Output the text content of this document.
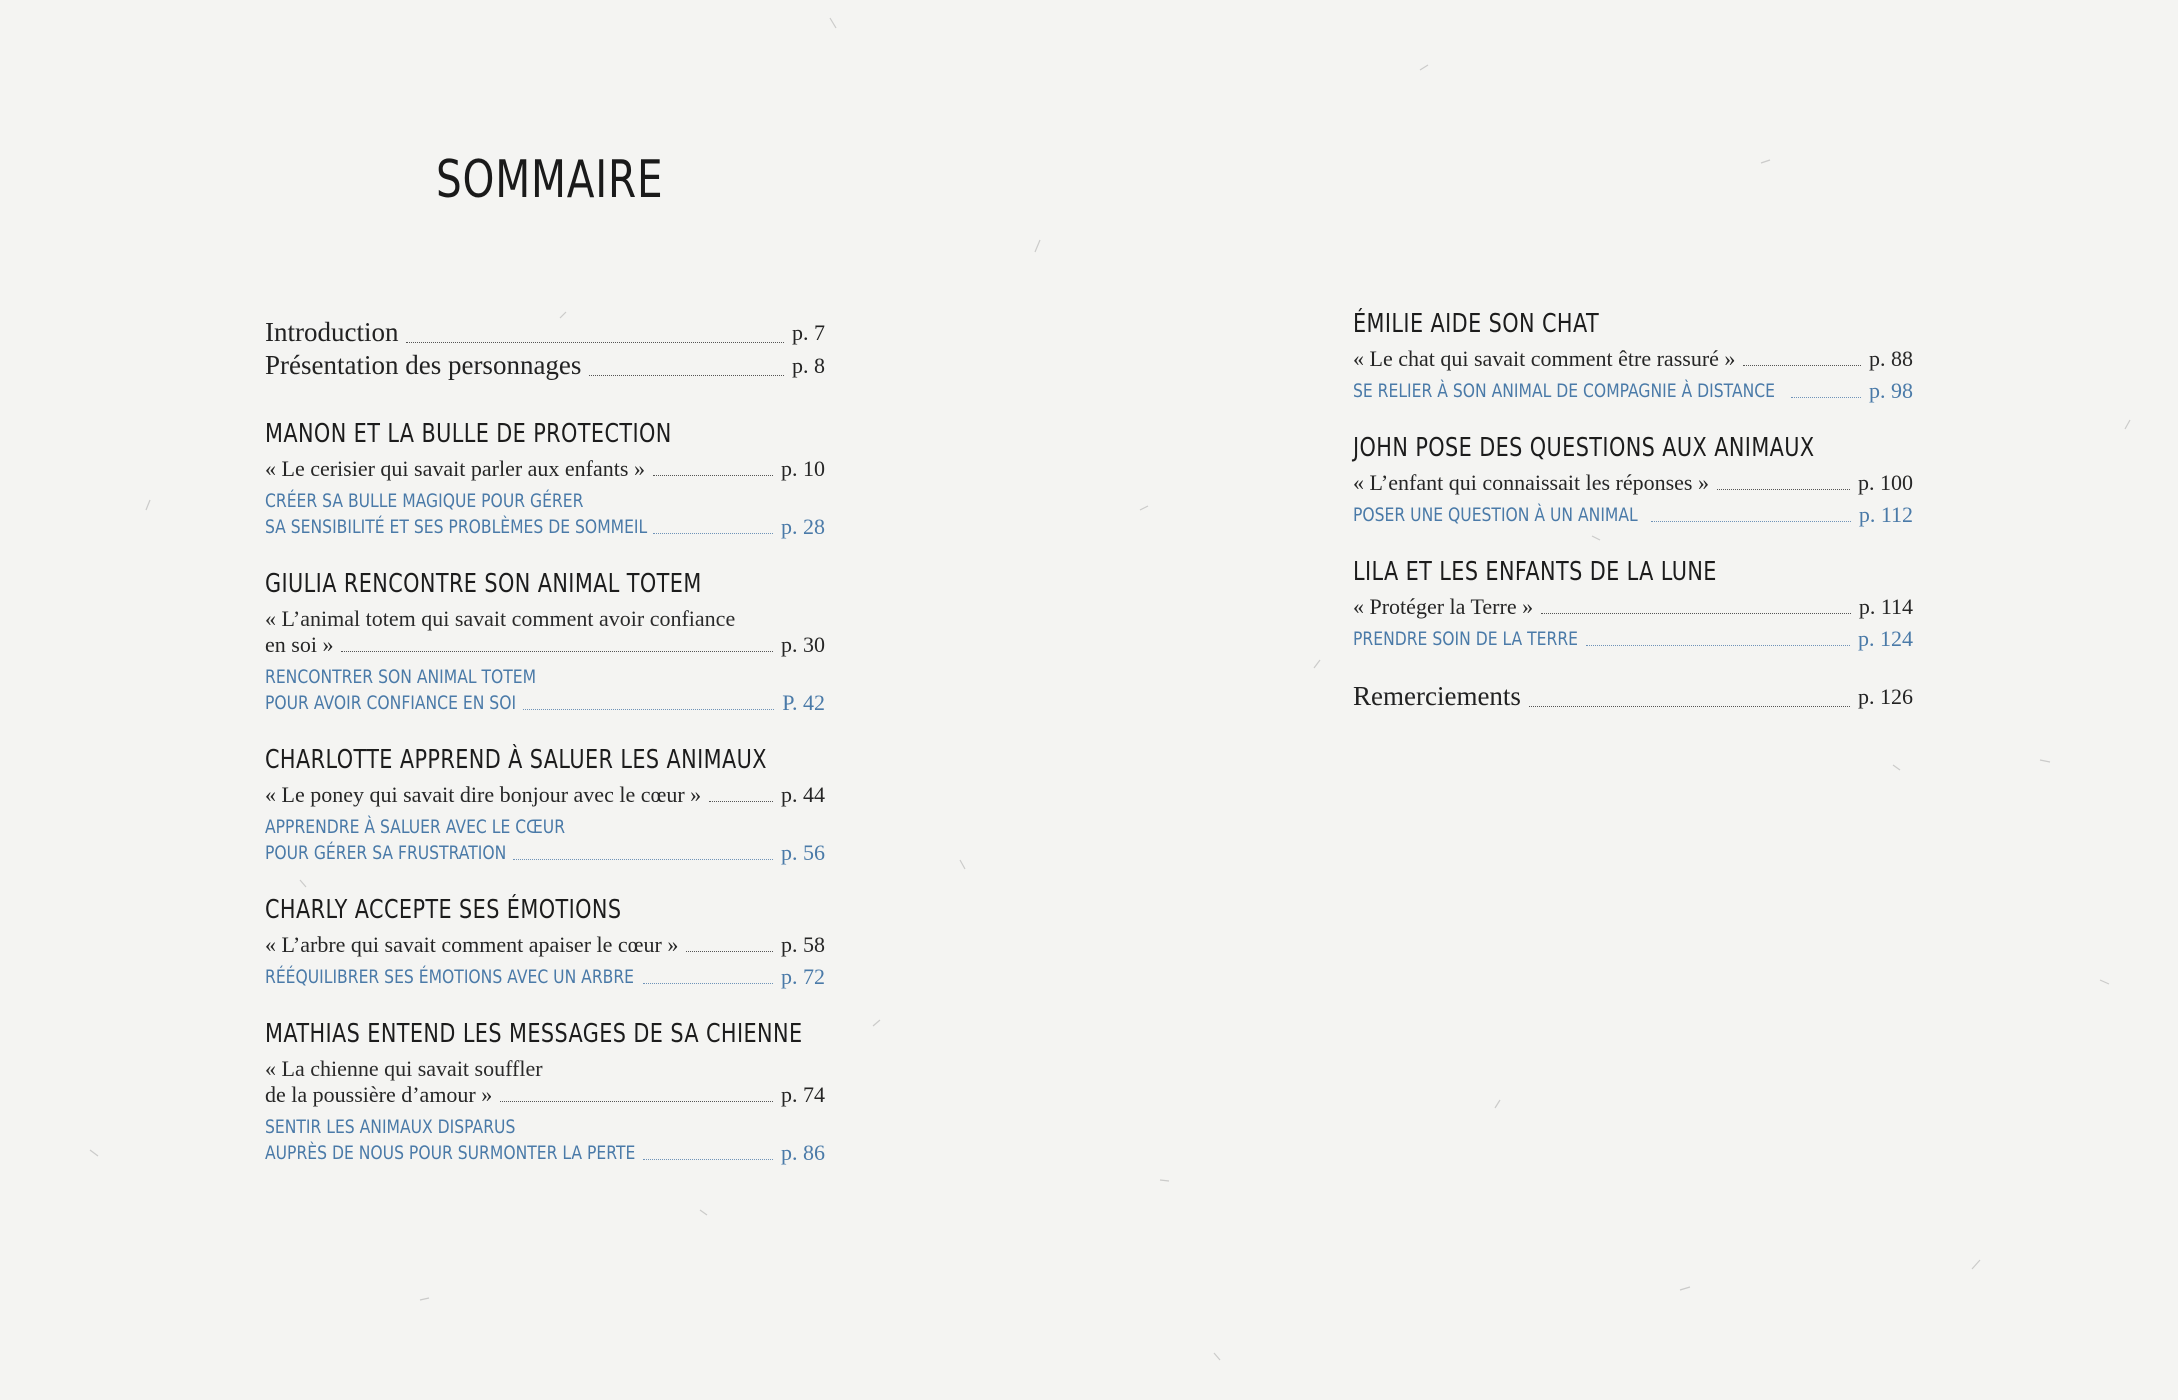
SOMMAIRE
Introduction	p. 7
Présentation des personnages	p. 8
MANON ET LA BULLE DE PROTECTION
« Le cerisier qui savait parler aux enfants »	p. 10
CRÉER SA BULLE MAGIQUE POUR GÉRER
SA SENSIBILITÉ ET SES PROBLÈMES DE SOMMEIL	p. 28
GIULIA RENCONTRE SON ANIMAL TOTEM
« L’animal totem qui savait comment avoir confiance
en soi »	p. 30
RENCONTRER SON ANIMAL TOTEM
POUR AVOIR CONFIANCE EN SOI	P. 42
CHARLOTTE APPREND À SALUER LES ANIMAUX
« Le poney qui savait dire bonjour avec le cœur »	p. 44
APPRENDRE À SALUER AVEC LE CŒUR
POUR GÉRER SA FRUSTRATION	p. 56
CHARLY ACCEPTE SES ÉMOTIONS
« L’arbre qui savait comment apaiser le cœur »	p. 58
RÉÉQUILIBRER SES ÉMOTIONS AVEC UN ARBRE	p. 72
MATHIAS ENTEND LES MESSAGES DE SA CHIENNE
« La chienne qui savait souffler
de la poussière d’amour »	p. 74
SENTIR LES ANIMAUX DISPARUS
AUPRÈS DE NOUS POUR SURMONTER LA PERTE	p. 86
ÉMILIE AIDE SON CHAT
« Le chat qui savait comment être rassuré »	p. 88
SE RELIER À SON ANIMAL DE COMPAGNIE À DISTANCE	p. 98
JOHN POSE DES QUESTIONS AUX ANIMAUX
« L’enfant qui connaissait les réponses »	p. 100
POSER UNE QUESTION À UN ANIMAL	p. 112
LILA ET LES ENFANTS DE LA LUNE
« Protéger la Terre »	p. 114
PRENDRE SOIN DE LA TERRE	p. 124
Remerciements	p. 126
